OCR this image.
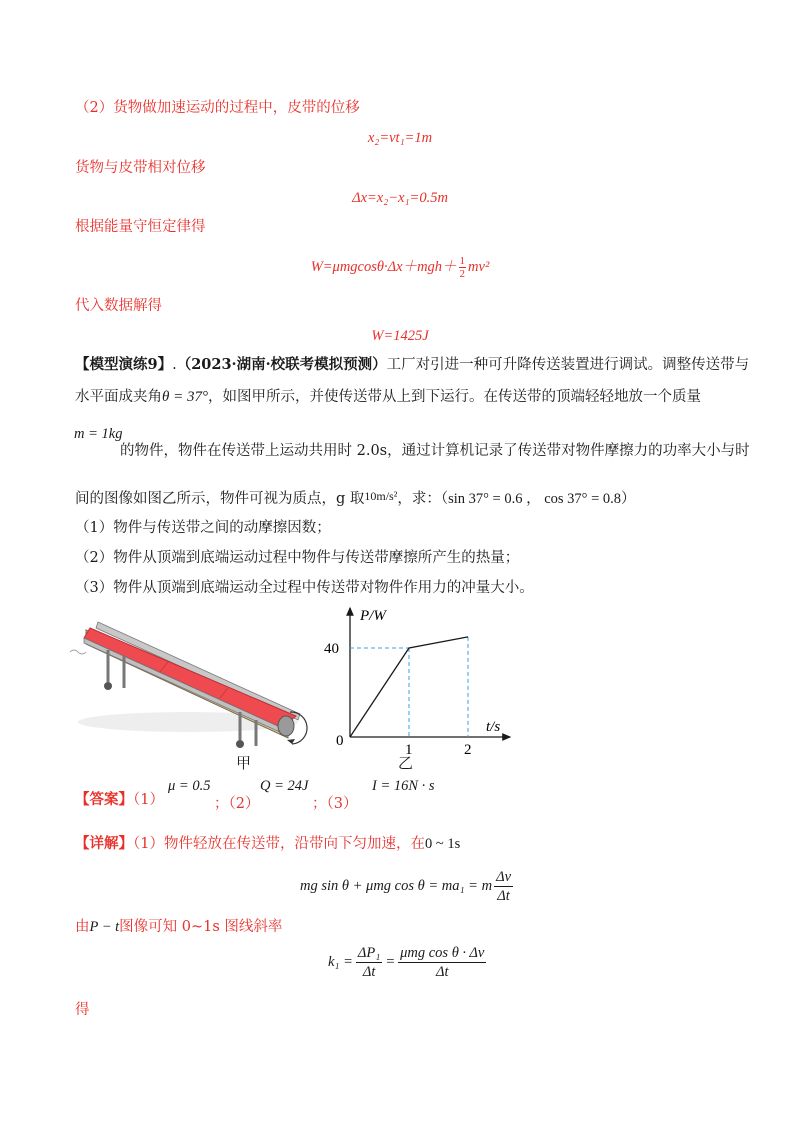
（2）货物做加速运动的过程中，皮带的位移
x₂=vt₁=1m
货物与皮带相对位移
Δx=x₂−x₁=0.5m
根据能量守恒定律得
$W=\mu mgcos\theta\cdot\Delta x+mgh+ \frac{1}{2} mv^2$
代入数据解得
W=1425J
【模型演练9】.（2023·湖南·校联考模拟预测）工厂对引进一种可升降传送装置进行调试。调整传送带与
水平面成夹角θ = 37°，如图甲所示，并使传送带从上到下运行。在传送带的顶端轻轻地放一个质量
m = 1kg
的物件，物件在传送带上运动共用时 2.0s，通过计算机记录了传送带对物件摩擦力的功率大小与时
间的图像如图乙所示，物件可视为质点，g 取$^{10m/s^2}$，求：（sin 37° = 0.6 ， cos 37° = 0.8）
（1）物件与传送带之间的动摩擦因数；
（2）物件从顶端到底端运动过程中物件与传送带摩擦所产生的热量；
（3）物件从顶端到底端运动全过程中传送带对物件作用力的冲量大小。
甲
P/W
t/s
0
40
1	2
乙
【答案】（1）
μ = 0.5
；（2）
Q = 24J
；（3）
I = 16N · s
【详解】（1）物件轻放在传送带，沿带向下匀加速，在0 ~ 1s
mg sin θ + μmg cos θ = ma₁ = m $\frac{\Delta v}{\Delta t}$
由P − t图像可知 0~1s 图线斜率
$k_1 = \frac{\text{ΔP₁}}{\Delta t}$ =
μmg cos θ · Δv
Δt
得
